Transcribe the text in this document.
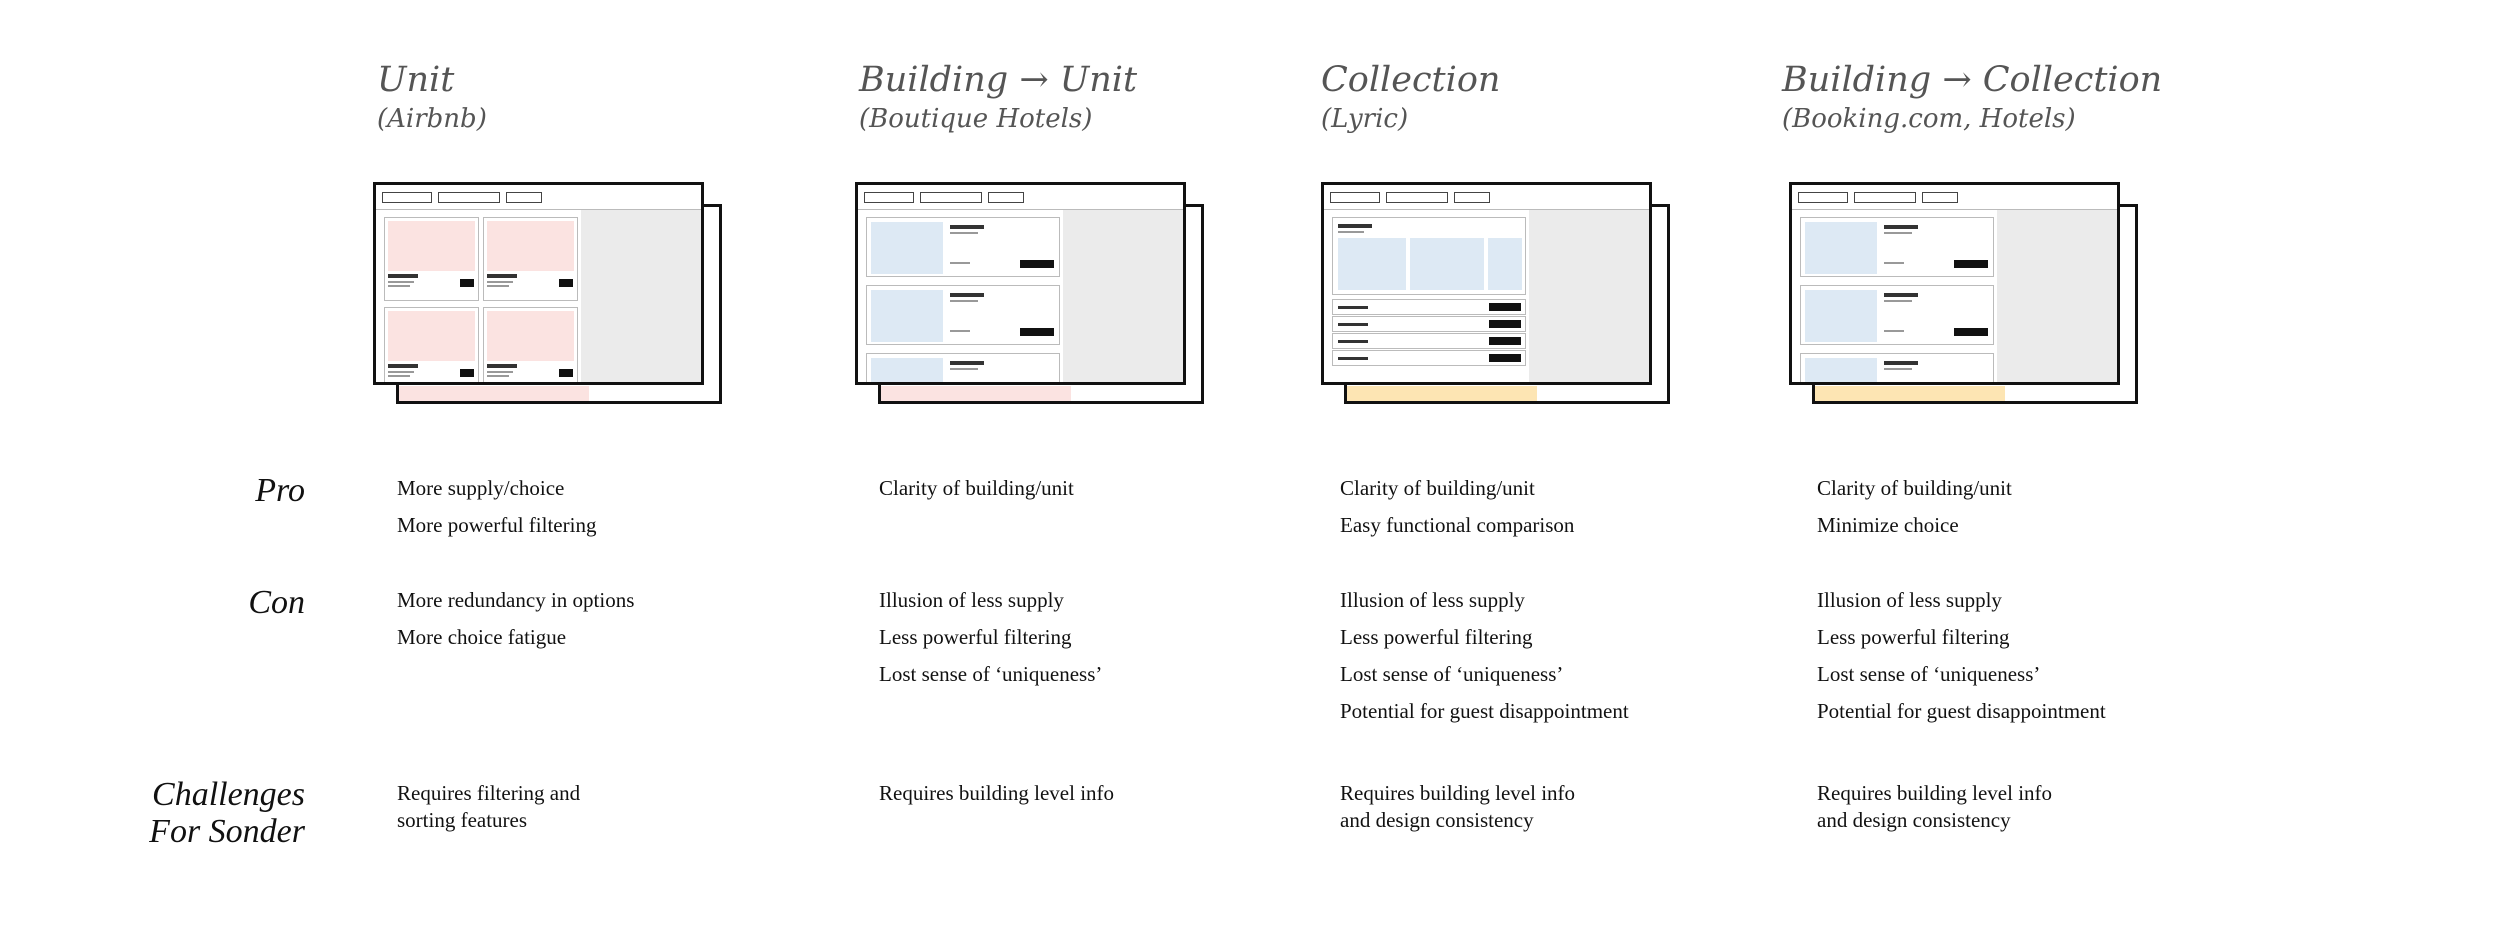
Pro
Con
Challenges
For Sonder
Unit
(Airbnb)
More supply/choice
More powerful filtering
More redundancy in options
More choice fatigue
Requires filtering and
sorting features
Building → Unit
(Boutique Hotels)
Clarity of building/unit
Illusion of less supply
Less powerful filtering
Lost sense of ‘uniqueness’
Requires building level info
Collection
(Lyric)
Clarity of building/unit
Easy functional comparison
Illusion of less supply
Less powerful filtering
Lost sense of ‘uniqueness’
Potential for guest disappointment
Requires building level info
and design consistency
Building → Collection
(Booking.com, Hotels)
Clarity of building/unit
Minimize choice
Illusion of less supply
Less powerful filtering
Lost sense of ‘uniqueness’
Potential for guest disappointment
Requires building level info
and design consistency
